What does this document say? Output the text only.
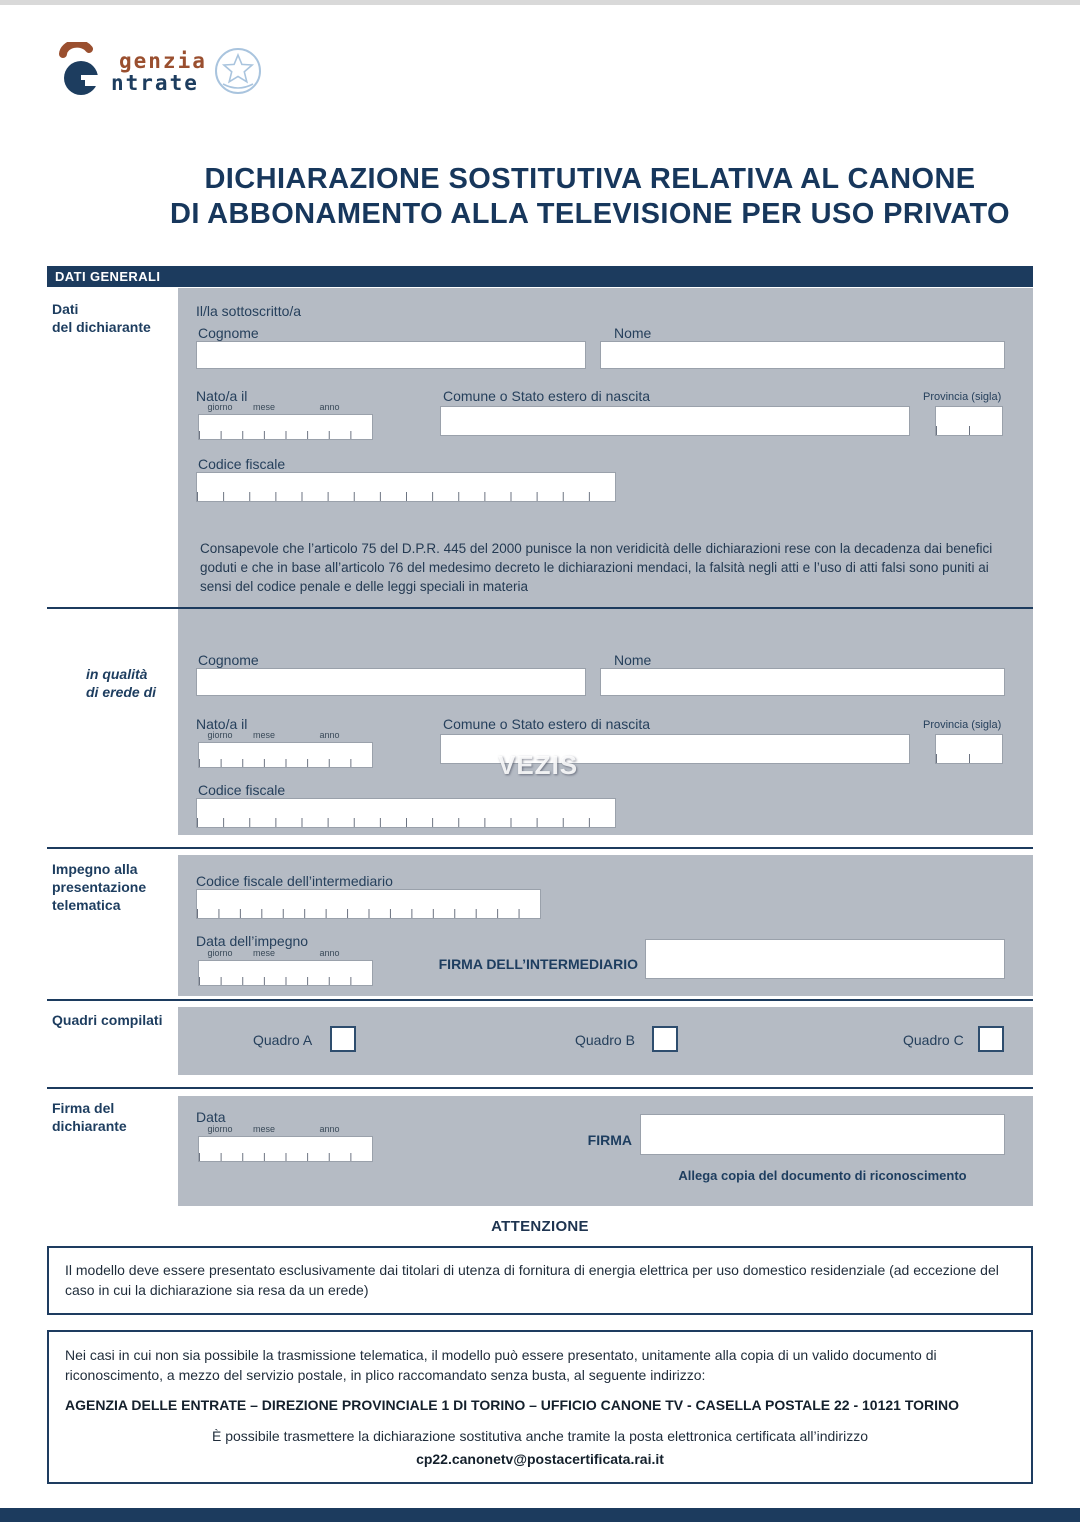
genzia
ntrate
DICHIARAZIONE SOSTITUTIVA RELATIVA AL CANONE
DI ABBONAMENTO ALLA TELEVISIONE PER USO PRIVATO
DATI GENERALI
Dati
del dichiarante
in qualità
di erede di
Impegno alla
presentazione
telematica
Quadri compilati
Firma del
dichiarante
Il/la sottoscritto/a
Cognome	Nome
Nato/a il
giorno	mese	anno
Comune o Stato estero di nascita	Provincia (sigla)
Codice fiscale
Consapevole che l’articolo 75 del D.P.R. 445 del 2000 punisce la non veridicità delle dichiarazioni rese con la decadenza dai benefici goduti e che in base all’articolo 76 del medesimo decreto le dichiarazioni mendaci, la falsità negli atti e l’uso di atti falsi sono puniti ai sensi del codice penale e delle leggi speciali in materia
Cognome	Nome
Nato/a il
giorno	mese	anno
Comune o Stato estero di nascita	Provincia (sigla)
Codice fiscale
VEZIS
Codice fiscale dell’intermediario
Data dell’impegno
giorno	mese	anno
FIRMA DELL’INTERMEDIARIO
Quadro A	Quadro B	Quadro C
Data
giorno	mese	anno
FIRMA
Allega copia del documento di riconoscimento
ATTENZIONE
Il modello deve essere presentato esclusivamente dai titolari di utenza di fornitura di energia elettrica per uso domestico residenziale (ad eccezione del caso in cui la dichiarazione sia resa da un erede)
Nei casi in cui non sia possibile la trasmissione telematica, il modello può essere presentato, unitamente alla copia di un valido documento di riconoscimento, a mezzo del servizio postale, in plico raccomandato senza busta, al seguente indirizzo:
AGENZIA DELLE ENTRATE – DIREZIONE PROVINCIALE 1 DI TORINO – UFFICIO CANONE TV - CASELLA POSTALE 22 - 10121 TORINO
È possibile trasmettere la dichiarazione sostitutiva anche tramite la posta elettronica certificata all’indirizzo
cp22.canonetv@postacertificata.rai.it
